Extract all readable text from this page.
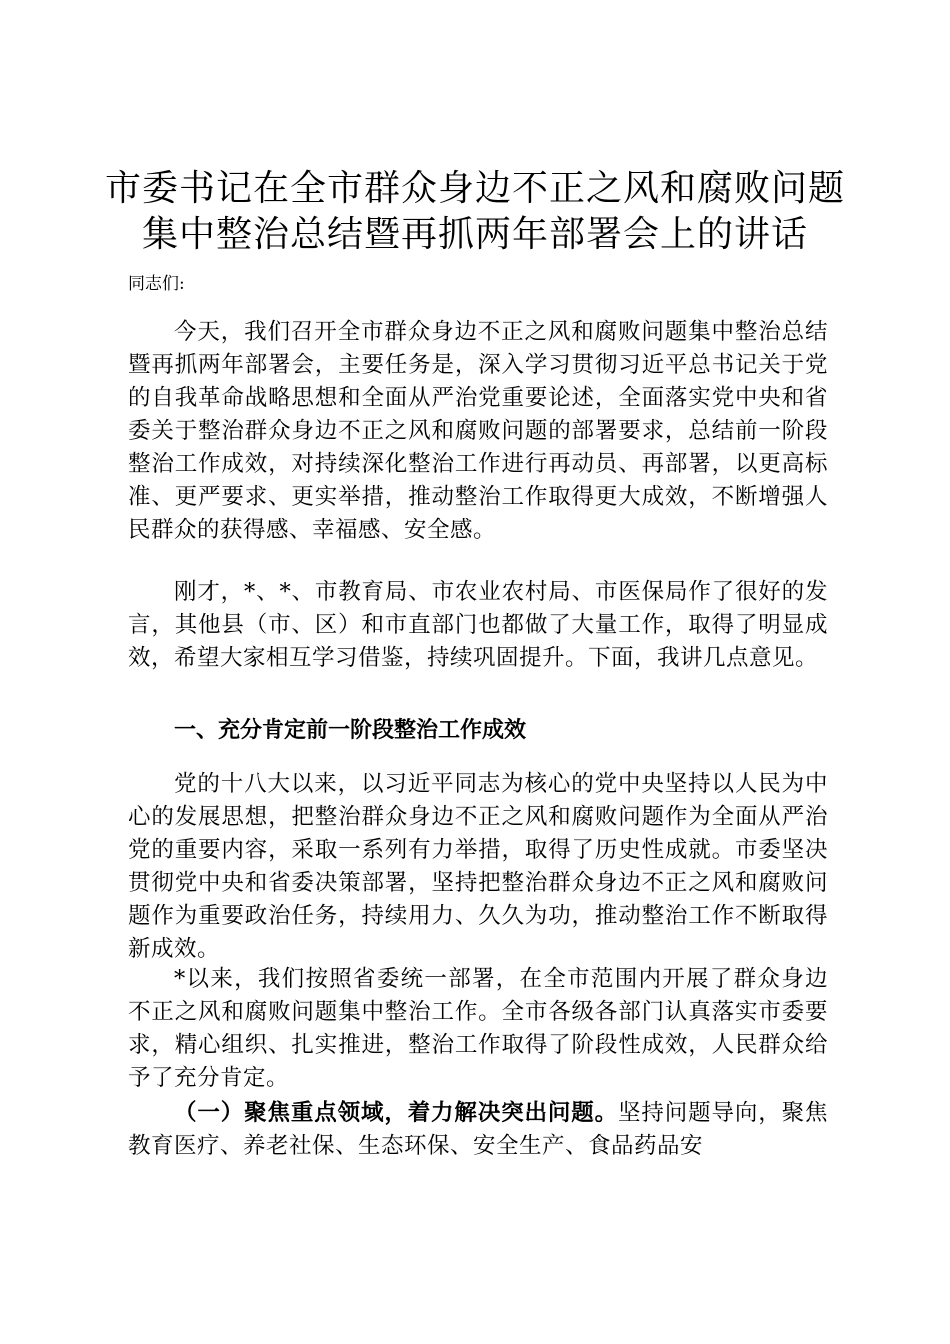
市委书记在全市群众身边不正之风和腐败问题
集中整治总结暨再抓两年部署会上的讲话

同志们:

今天，我们召开全市群众身边不正之风和腐败问题集中整治总结暨再抓两年部署会，主要任务是，深入学习贯彻习近平总书记关于党的自我革命战略思想和全面从严治党重要论述，全面落实党中央和省委关于整治群众身边不正之风和腐败问题的部署要求，总结前一阶段整治工作成效，对持续深化整治工作进行再动员、再部署，以更高标准、更严要求、更实举措，推动整治工作取得更大成效，不断增强人民群众的获得感、幸福感、安全感。

刚才，*、*、市教育局、市农业农村局、市医保局作了很好的发言，其他县（市、区）和市直部门也都做了大量工作，取得了明显成效，希望大家相互学习借鉴，持续巩固提升。下面，我讲几点意见。

一、充分肯定前一阶段整治工作成效

党的十八大以来，以习近平同志为核心的党中央坚持以人民为中心的发展思想，把整治群众身边不正之风和腐败问题作为全面从严治党的重要内容，采取一系列有力举措，取得了历史性成就。市委坚决贯彻党中央和省委决策部署，坚持把整治群众身边不正之风和腐败问题作为重要政治任务，持续用力、久久为功，推动整治工作不断取得新成效。

*以来，我们按照省委统一部署，在全市范围内开展了群众身边不正之风和腐败问题集中整治工作。全市各级各部门认真落实市委要求，精心组织、扎实推进，整治工作取得了阶段性成效，人民群众给予了充分肯定。

（一）聚焦重点领域，着力解决突出问题。坚持问题导向，聚焦教育医疗、养老社保、生态环保、安全生产、食品药品安
